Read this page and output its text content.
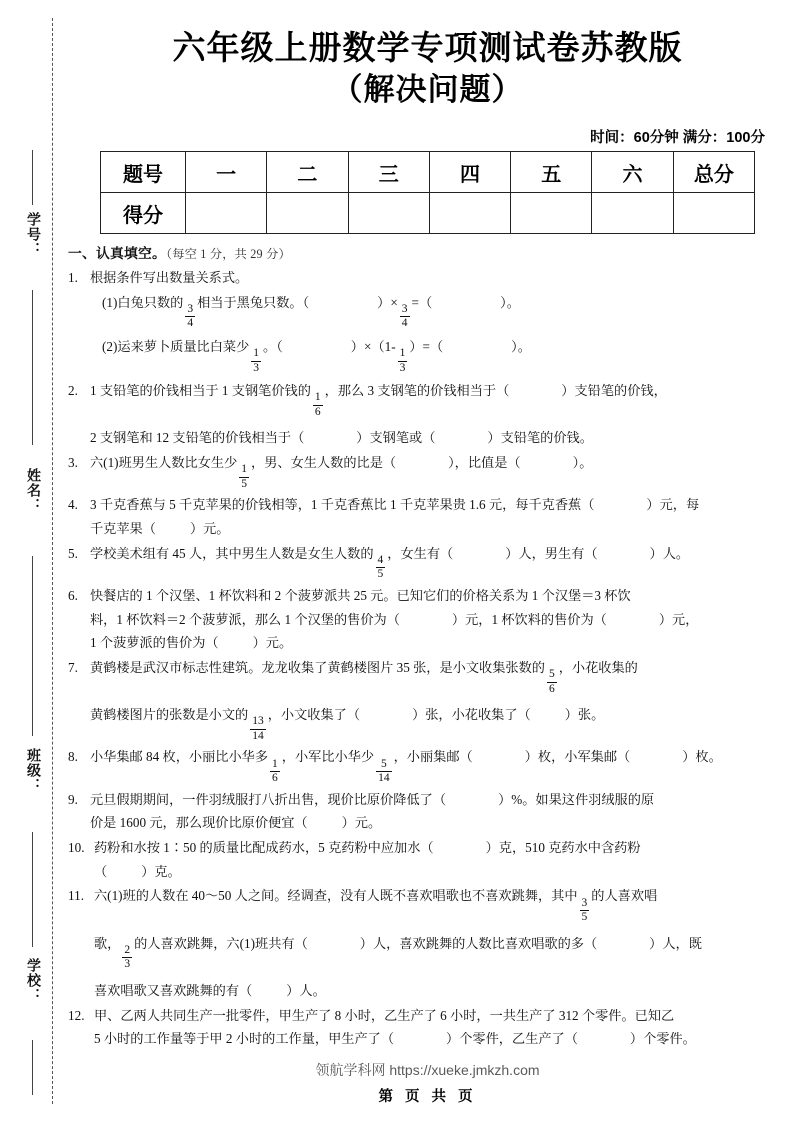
学号：
姓名：
班级：
学校：
六年级上册数学专项测试卷苏教版
（解决问题）
时间：60分钟 满分：100分
题号	一	二	三	四	五	六	总分
得分							
一、认真填空。（每空 1 分，共 29 分）
1. 根据条件写出数量关系式。
(1)白兔只数的
$\frac{3}{4}$
相当于黑兔只数。（	）×
$\frac{3}{4}$
=（	）。
(2)运来萝卜质量比白菜少
$\frac{1}{3}$
。（	）×（1-
$\frac{1}{3}$
）=（	）。
2. 1 支铅笔的价钱相当于 1 支钢笔价钱的
$\frac{1}{6}$
，那么 3 支钢笔的价钱相当于（	）支铅笔的价钱，
2 支钢笔和 12 支铅笔的价钱相当于（	）支钢笔或（	）支铅笔的价钱。
3. 六(1)班男生人数比女生少
$\frac{1}{5}$
，男、女生人数的比是（	），比值是（	）。
4. 3 千克香蕉与 5 千克苹果的价钱相等，1 千克香蕉比 1 千克苹果贵 1.6 元，每千克香蕉（	）元，每
千克苹果（	）元。
5. 学校美术组有 45 人，其中男生人数是女生人数的
$\frac{4}{5}$
，女生有（	）人，男生有（	）人。
6. 快餐店的 1 个汉堡、1 杯饮料和 2 个菠萝派共 25 元。已知它们的价格关系为 1 个汉堡＝3 杯饮
料，1 杯饮料＝2 个菠萝派，那么 1 个汉堡的售价为（	）元，1 杯饮料的售价为（	）元，
1 个菠萝派的售价为（	）元。
7. 黄鹤楼是武汉市标志性建筑。龙龙收集了黄鹤楼图片 35 张，是小文收集张数的
$\frac{5}{6}$
，小花收集的
黄鹤楼图片的张数是小文的
$\frac{13}{14}$
，小文收集了（	）张，小花收集了（	）张。
8. 小华集邮 84 枚，小丽比小华多
$\frac{1}{6}$
，小军比小华少
$\frac{5}{14}$
，小丽集邮（	）枚，小军集邮（	）枚。
9. 元旦假期期间，一件羽绒服打八折出售，现价比原价降低了（	）%。如果这件羽绒服的原
价是 1600 元，那么现价比原价便宜（	）元。
10. 药粉和水按 1∶50 的质量比配成药水，5 克药粉中应加水（	）克，510 克药水中含药粉
（	）克。
11. 六(1)班的人数在 40～50 人之间。经调查，没有人既不喜欢唱歌也不喜欢跳舞，其中
$\frac{3}{5}$
的人喜欢唱
歌，
$\frac{2}{3}$
的人喜欢跳舞，六(1)班共有（	）人，喜欢跳舞的人数比喜欢唱歌的多（	）人，既
喜欢唱歌又喜欢跳舞的有（	）人。
12. 甲、乙两人共同生产一批零件，甲生产了 8 小时，乙生产了 6 小时，一共生产了 312 个零件。已知乙
5 小时的工作量等于甲 2 小时的工作量，甲生产了（	）个零件，乙生产了（	）个零件。
领航学科网 https://xueke.jmkzh.com
第 页 共 页
